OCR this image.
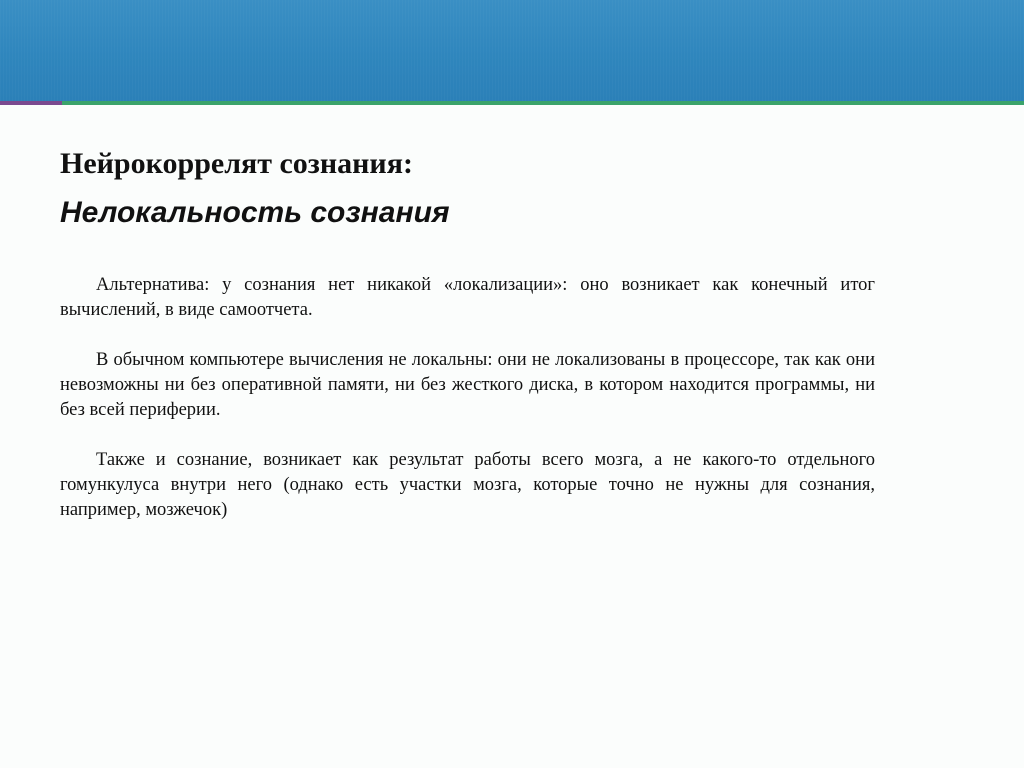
Нейрокоррелят сознания:
Нелокальность сознания

Альтернатива: у сознания нет никакой «локализации»: оно возникает как конечный итог вычислений, в виде самоотчета.

В обычном компьютере вычисления не локальны: они не локализованы в процессоре, так как они невозможны ни без оперативной памяти, ни без жесткого диска, в котором находится программы, ни без всей периферии.

Также и сознание, возникает как результат работы всего мозга, а не какого-то отдельного гомункулуса внутри него (однако есть участки мозга, которые точно не нужны для сознания, например, мозжечок)
